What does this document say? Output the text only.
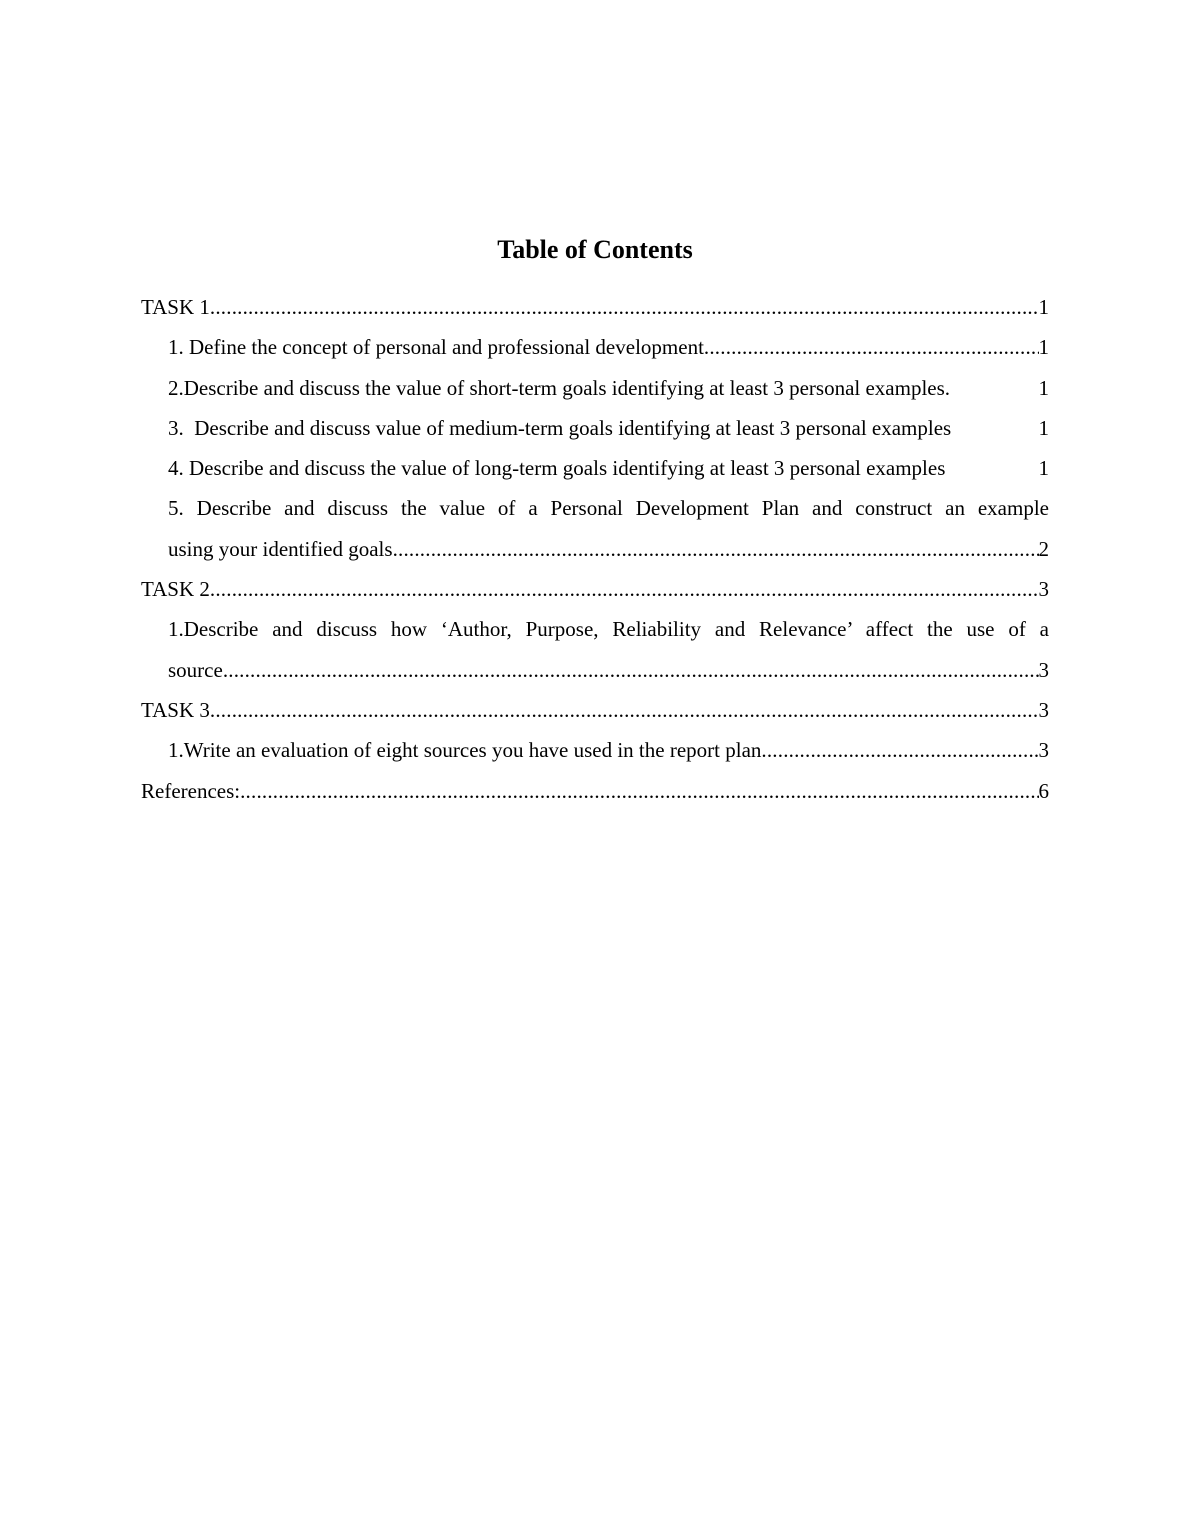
Table of Contents
TASK 1 .....	1
1. Define the concept of personal and professional development .....	1
2.Describe and discuss the value of short-term goals identifying at least 3 personal examples.	1
3.  Describe and discuss value of medium-term goals identifying at least 3 personal examples	1
4. Describe and discuss the value of long-term goals identifying at least 3 personal examples	1
5. Describe and discuss the value of a Personal Development Plan and construct an example
using your identified goals .....	2
TASK 2 .....	3
1.Describe and discuss how ‘Author, Purpose, Reliability and Relevance’ affect the use of a
source .....	3
TASK 3 .....	3
1.Write an evaluation of eight sources you have used in the report plan .....	3
References: .....	6
